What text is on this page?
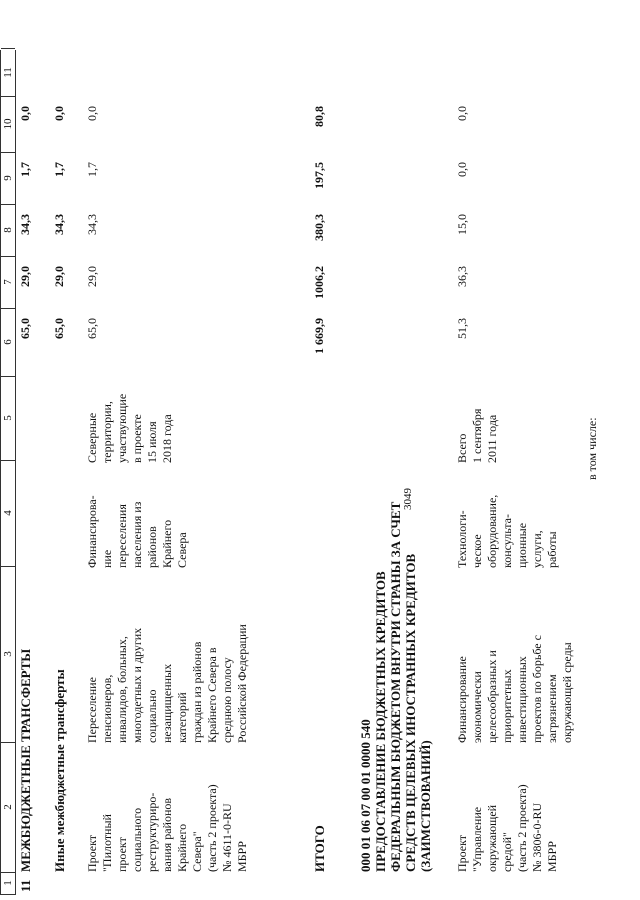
3049
1
2
3
4
5
6
7
8
9
10
11
11
МЕЖБЮДЖЕТНЫЕ ТРАНСФЕРТЫ
65,0
29,0
34,3
1,7
0,0
Иные межбюджетные трансферты
65,0
29,0
34,3
1,7
0,0
Проект "Пилотный проект социального реструктуриро- вания районов Крайнего Севера" (часть 2 проекта) № 4611-0-RU МБРР
Переселение пенсионеров, инвалидов, больных, многодетных и других социально незащищенных категорий граждан из районов Крайнего Севера в среднюю полосу Российской Федерации
Финансирова- ние переселения населения из районов Крайнего Севера
Северные территории, участвующие в проекте 15 июля 2018 года
65,0
29,0
34,3
1,7
0,0
ИТОГО
1 669,9
1006,2
380,3
197,5
80,8
000 01 06 07 00 01 0000 540 ПРЕДОСТАВЛЕНИЕ БЮДЖЕТНЫХ КРЕДИТОВ ФЕДЕРАЛЬНЫМ БЮДЖЕТОМ ВНУТРИ СТРАНЫ ЗА СЧЕТ СРЕДСТВ ЦЕЛЕВЫХ ИНОСТРАННЫХ КРЕДИТОВ (ЗАИМСТВОВАНИЙ) Проект "Управление окружающей средой" (часть 2 проекта) № 3806-0-RU МБРР
Финансирование экономически целесообразных и приоритетных инвестиционных проектов по борьбе с загрязнением окружающей среды
Технологи- ческое оборудование, консульта- ционные услуги, работы
Всего 1 сентября 2011 года
51,3
36,3
15,0
0,0
0,0
в том числе:
